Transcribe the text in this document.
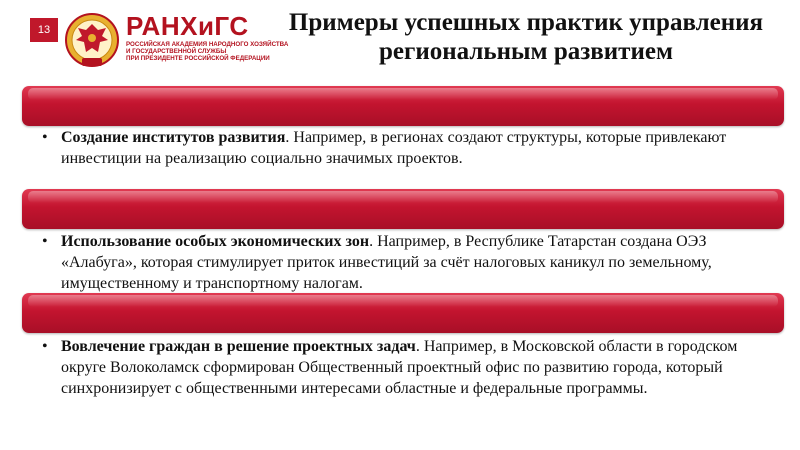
13	РАНХиГС
РОССИЙСКАЯ АКАДЕМИЯ НАРОДНОГО ХОЗЯЙСТВА
И ГОСУДАРСТВЕННОЙ СЛУЖБЫ
ПРИ ПРЕЗИДЕНТЕ РОССИЙСКОЙ ФЕДЕРАЦИИ
Примеры успешных практик управления
региональным развитием
• Создание институтов развития. Например, в регионах создают структуры, которые привлекают инвестиции на реализацию социально значимых проектов.
• Использование особых экономических зон. Например, в Республике Татарстан создана ОЭЗ «Алабуга», которая стимулирует приток инвестиций за счёт налоговых каникул по земельному, имущественному и транспортному налогам.
• Вовлечение граждан в решение проектных задач. Например, в Московской области в городском округе Волоколамск сформирован Общественный проектный офис по развитию города, который синхронизирует с общественными интересами областные и федеральные программы.
